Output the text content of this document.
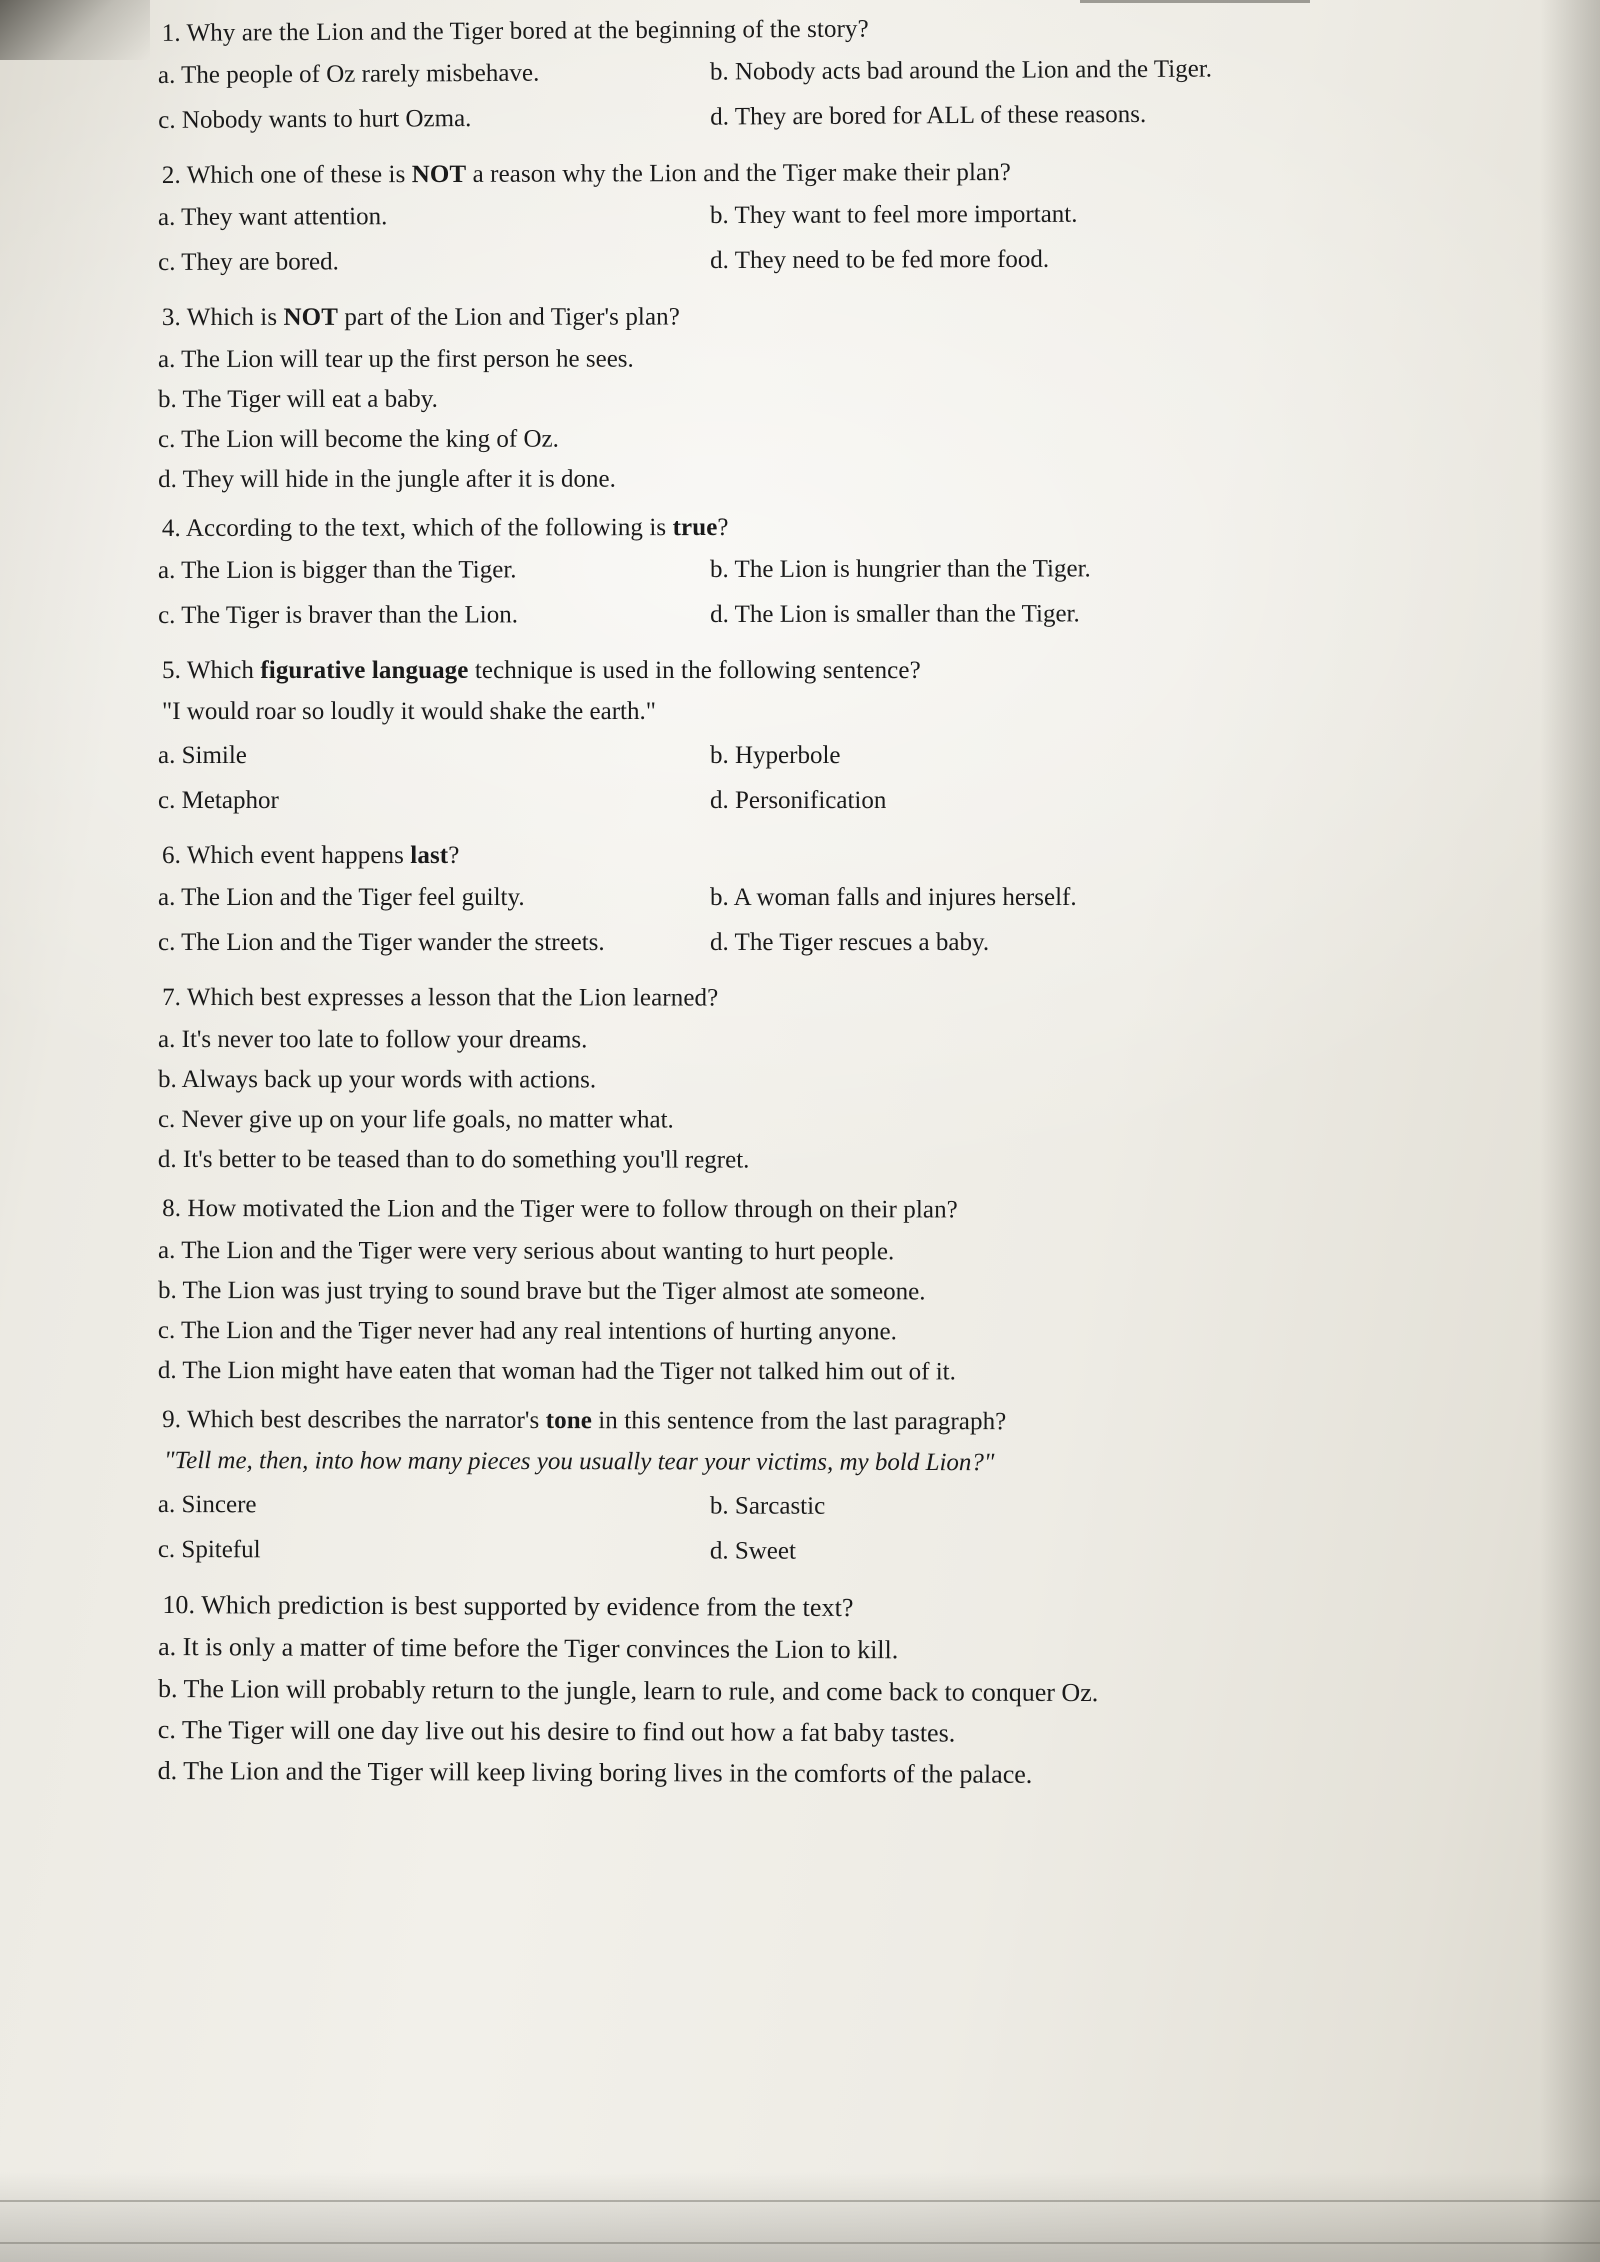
1. Why are the Lion and the Tiger bored at the beginning of the story?

a. The people of Oz rarely misbehave.	b. Nobody acts bad around the Lion and the Tiger.
c. Nobody wants to hurt Ozma.	d. They are bored for ALL of these reasons.

2. Which one of these is NOT a reason why the Lion and the Tiger make their plan?

a. They want attention.	b. They want to feel more important.
c. They are bored.	d. They need to be fed more food.

3. Which is NOT part of the Lion and Tiger's plan?

a. The Lion will tear up the first person he sees.
b. The Tiger will eat a baby.
c. The Lion will become the king of Oz.
d. They will hide in the jungle after it is done.

4. According to the text, which of the following is true?

a. The Lion is bigger than the Tiger.	b. The Lion is hungrier than the Tiger.
c. The Tiger is braver than the Lion.	d. The Lion is smaller than the Tiger.

5. Which figurative language technique is used in the following sentence?

"I would roar so loudly it would shake the earth."

a. Simile	b. Hyperbole
c. Metaphor	d. Personification

6. Which event happens last?

a. The Lion and the Tiger feel guilty.	b. A woman falls and injures herself.
c. The Lion and the Tiger wander the streets.	d. The Tiger rescues a baby.

7. Which best expresses a lesson that the Lion learned?

a. It's never too late to follow your dreams.
b. Always back up your words with actions.
c. Never give up on your life goals, no matter what.
d. It's better to be teased than to do something you'll regret.

8. How motivated the Lion and the Tiger were to follow through on their plan?

a. The Lion and the Tiger were very serious about wanting to hurt people.
b. The Lion was just trying to sound brave but the Tiger almost ate someone.
c. The Lion and the Tiger never had any real intentions of hurting anyone.
d. The Lion might have eaten that woman had the Tiger not talked him out of it.

9. Which best describes the narrator's tone in this sentence from the last paragraph?

"Tell me, then, into how many pieces you usually tear your victims, my bold Lion?"

a. Sincere	b. Sarcastic
c. Spiteful	d. Sweet

10. Which prediction is best supported by evidence from the text?

a. It is only a matter of time before the Tiger convinces the Lion to kill.
b. The Lion will probably return to the jungle, learn to rule, and come back to conquer Oz.
c. The Tiger will one day live out his desire to find out how a fat baby tastes.
d. The Lion and the Tiger will keep living boring lives in the comforts of the palace.
